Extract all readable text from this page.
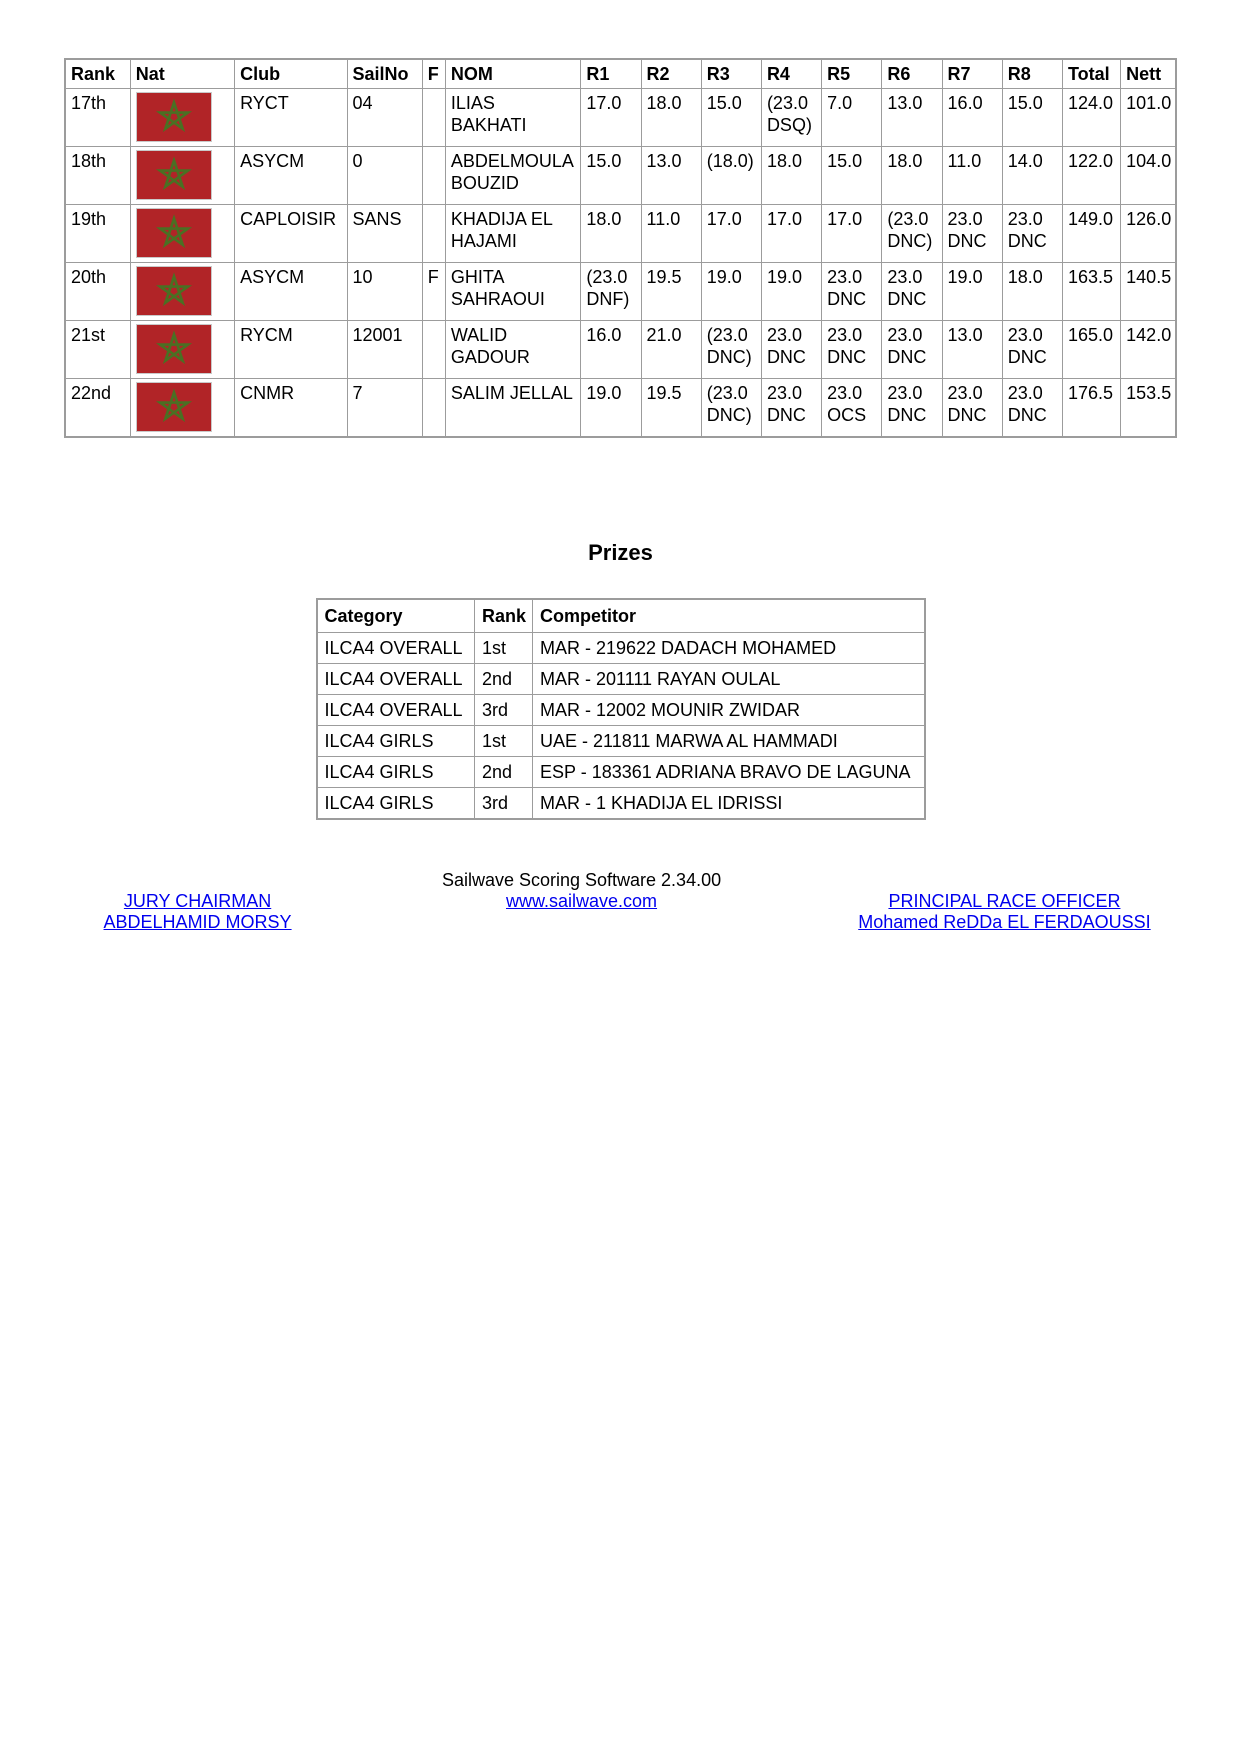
Rank	Nat	Club	SailNo	F	NOM	R1	R2	R3	R4	R5	R6	R7	R8	Total	Nett
17th		RYCT	04		ILIAS BAKHATI	17.0	18.0	15.0	(23.0 DSQ)	7.0	13.0	16.0	15.0	124.0	101.0
18th		ASYCM	0		ABDELMOULA BOUZID	15.0	13.0	(18.0)	18.0	15.0	18.0	11.0	14.0	122.0	104.0
19th		CAPLOISIR	SANS		KHADIJA EL HAJAMI	18.0	11.0	17.0	17.0	17.0	(23.0 DNC)	23.0 DNC	23.0 DNC	149.0	126.0
20th		ASYCM	10	F	GHITA SAHRAOUI	(23.0 DNF)	19.5	19.0	19.0	23.0 DNC	23.0 DNC	19.0	18.0	163.5	140.5
21st		RYCM	12001		WALID GADOUR	16.0	21.0	(23.0 DNC)	23.0 DNC	23.0 DNC	23.0 DNC	13.0	23.0 DNC	165.0	142.0
22nd		CNMR	7		SALIM JELLAL	19.0	19.5	(23.0 DNC)	23.0 DNC	23.0 OCS	23.0 DNC	23.0 DNC	23.0 DNC	176.5	153.5
Prizes
Category	Rank	Competitor
ILCA4 OVERALL	1st	MAR - 219622 DADACH MOHAMED
ILCA4 OVERALL	2nd	MAR - 201111 RAYAN OULAL
ILCA4 OVERALL	3rd	MAR - 12002 MOUNIR ZWIDAR
ILCA4 GIRLS	1st	UAE - 211811 MARWA AL HAMMADI
ILCA4 GIRLS	2nd	ESP - 183361 ADRIANA BRAVO DE LAGUNA
ILCA4 GIRLS	3rd	MAR - 1 KHADIJA EL IDRISSI
JURY CHAIRMAN
ABDELHAMID MORSY
Sailwave Scoring Software 2.34.00
www.sailwave.com	PRINCIPAL RACE OFFICER
Mohamed ReDDa EL FERDAOUSSI
